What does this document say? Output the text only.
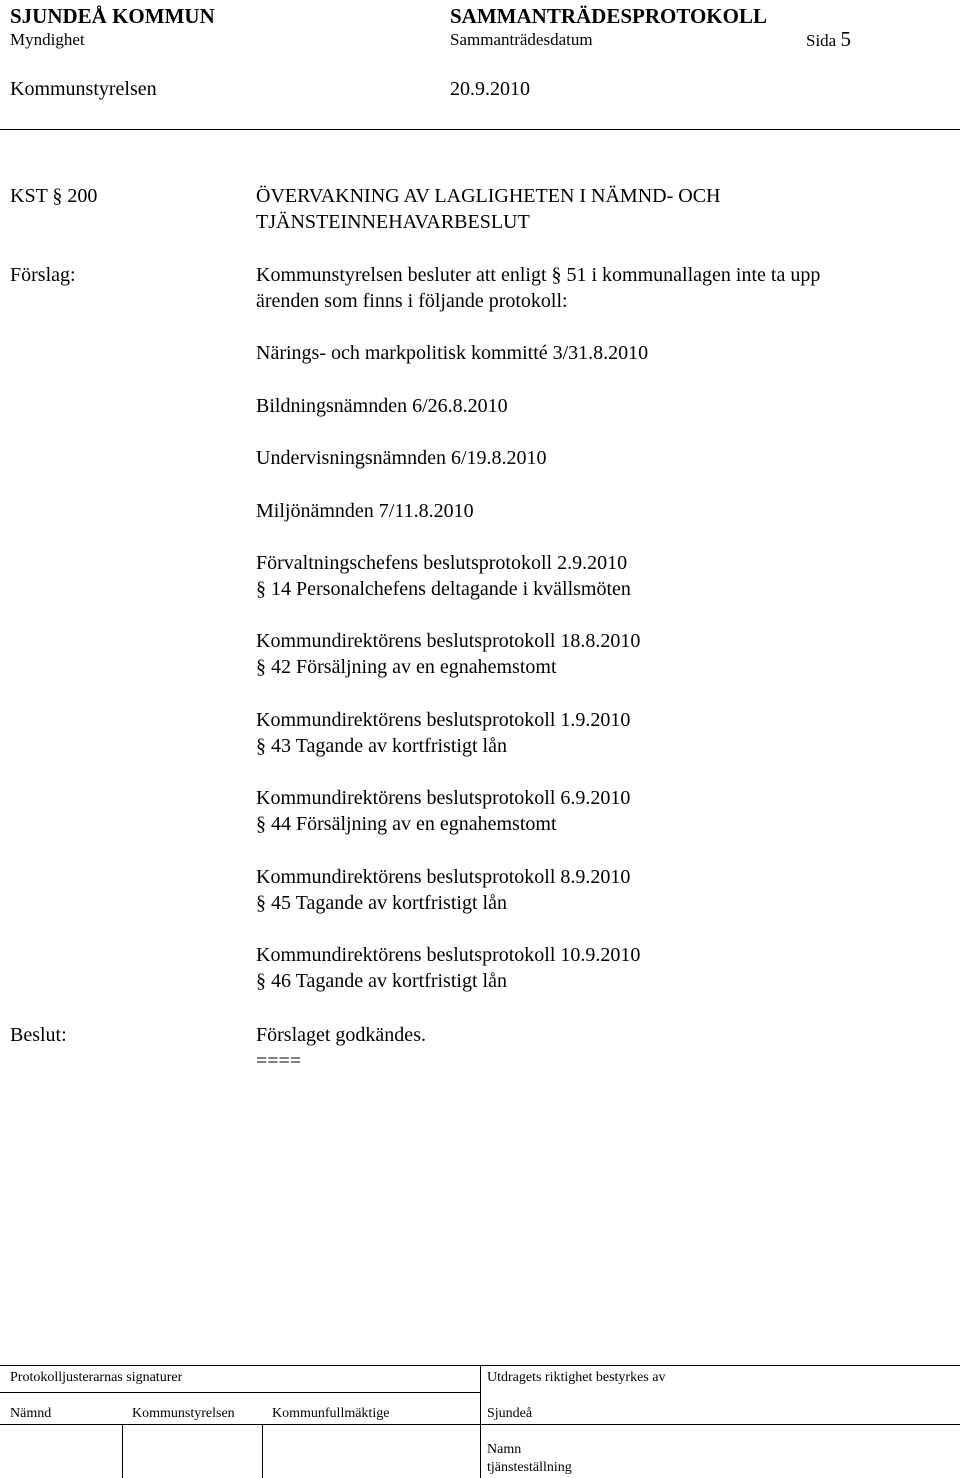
SJUNDEÅ KOMMUN	SAMMANTRÄDESPROTOKOLL
Myndighet	Sammanträdesdatum	Sida 5
Kommunstyrelsen	20.9.2010
KST § 200	ÖVERVAKNING AV LAGLIGHETEN I NÄMND- OCH
TJÄNSTEINNEHAVARBESLUT
Förslag:	Kommunstyrelsen besluter att enligt § 51 i kommunallagen inte ta upp
ärenden som finns i följande protokoll:
Närings- och markpolitisk kommitté 3/31.8.2010
Bildningsnämnden 6/26.8.2010
Undervisningsnämnden 6/19.8.2010
Miljönämnden 7/11.8.2010
Förvaltningschefens beslutsprotokoll 2.9.2010
§ 14 Personalchefens deltagande i kvällsmöten
Kommundirektörens beslutsprotokoll 18.8.2010
§ 42 Försäljning av en egnahemstomt
Kommundirektörens beslutsprotokoll 1.9.2010
§ 43 Tagande av kortfristigt lån
Kommundirektörens beslutsprotokoll 6.9.2010
§ 44 Försäljning av en egnahemstomt
Kommundirektörens beslutsprotokoll 8.9.2010
§ 45 Tagande av kortfristigt lån
Kommundirektörens beslutsprotokoll 10.9.2010
§ 46 Tagande av kortfristigt lån
Beslut:	Förslaget godkändes.
====
Protokolljusterarnas signaturer	Utdragets riktighet bestyrkes av
Nämnd	Kommunstyrelsen	Kommunfullmäktige	Sjundeå
Namn
tjänsteställning
